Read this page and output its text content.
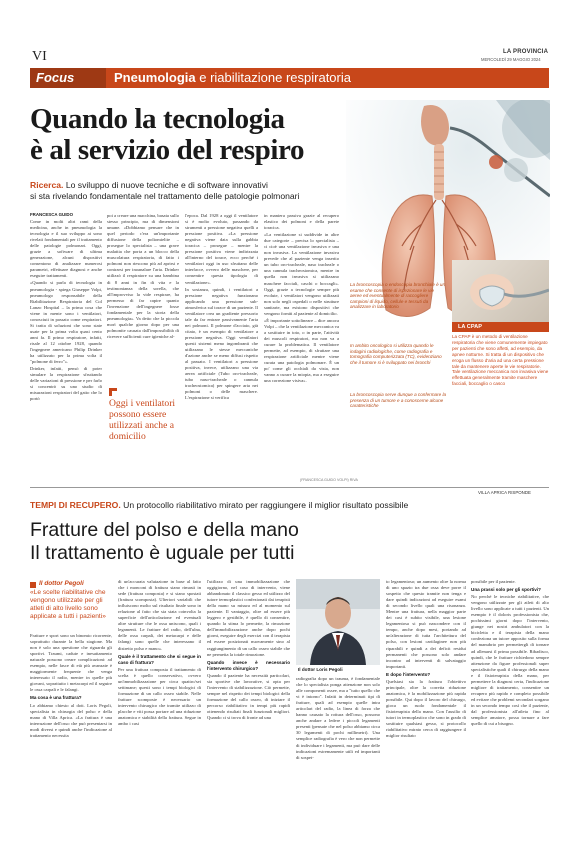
VI	LA PROVINCIA
MERCOLEDÌ 29 MAGGIO 2024
Focus	Pneumologia e riabilitazione respiratoria
Quando la tecnologia
è al servizio del respiro
Ricerca. Lo sviluppo di nuove tecniche e di software innovativi
si sta rivelando fondamentale nel trattamento delle patologie polmonari
FRANCESCA GUIDO

Come in molti altri rami della medicina, anche in pneumologia la tecnologia e il suo sviluppo ai sono rivelati fondamentali per il trattamento delle patologie polmonari. Oggi, grazie a software di ultima generazione, alcuni dispositivi consentono di analizzare numerosi parametri, effettuare diagnosi e anche eseguire trattamenti.

«Quando si parla di tecnologia in pneumologia - spiega Giuseppe Volpi, pneumologo responsabile della Riabilitazione Respiratoria del Col Lanzo Hospital – la prima cosa che viene in mente sono i ventilatori, conosciuti in passato come respiratori. Si tratta di soluzioni che sono state usate per la prima volta quasi cento anni fa. Il primo respiratore, infatti, risale al 12 ottobre 1928, quando l'ingegnere americano Philip Drinker ha utilizzato per la prima volta il "polmone di ferro"».

Drinker, infatti, pensò di poter simulare la respirazione sfruttando delle variazioni di pressione e per farlo si concentrò su uno studio di misurazioni respiratori del gatto che lo portò

poi a creare una macchina, basata sullo stesso principio, ma di dimensioni umane. «Dobbiamo pensare che in quel periodo c'era un'importante diffusione della poliomielite – prosegue lo specialista – una grave malattia che porta a un blocco della muscolatura respiratoria, di fatto i polmoni non riescono più ad aprirsi e contrarsi per inoanalare l'aria. Drinker utilizzò il respiratore su una bambina di 8 anni in fin di vita e la testimonianza della sorella, che all'improvviso la vide respirare, ha permesso di far capire quanto l'invenzione dell'ingegnere fosse fondamentale per la storia della pneumologia». Va detto che la piccola morì qualche giorno dopo per una polmonite causata dall'impossibilità di ricevere sufficienti cure igieniche al-

Oggi i ventilatori possono essere utilizzati anche a domicilio

l'epoca. Dal 1928 a oggi il ventilatore si è molto evoluto, passando da strumenti a pressione negativa quelli a pressione positiva. «La pressione negativa viene data sulla gabbia toracica – prosegue – mentre la pressione positiva viene indirizzata all'interno del torace, ecco perché i ventilatori oggi in uso sfruttano delle interfacce, ovvero delle maschere, per consentire questa tipologia di ventilazione».

In sostanza, quindi, i ventilatori a pressione negativa funzionano applicando una pressione sub-atmosferica sul torace di un paziente. Il ventilatore crea un gradiente pressorio tale da far entrare passivamente l'aria nei polmoni. Il polmone d'acciaio, già citato, è un esempio di ventilatore a pressione negativa. Oggi ventilatori questi sistemi meno ingombranti che utilizzano le stesse meccaniche d'azione anche se meno diffusi rispetto al passato. I ventilatori a pressione positiva, invece, utilizzano una via aerea artificiale (Tubo oro-tracheale, tubo naso-tracheale o cannula tracheostomica) per spingere aria nei polmoni o delle maschere. L'espirazione si verifica

in maniera passiva grazie al recupero elastico dei polmoni e della parete toracica.

«La ventilazione si suddivide in altre due categorie – precisa lo specialista – ci cioè una ventilazione invasiva e una non invasiva. La ventilazione invasiva prevede che al paziente venga inserito un tubo oro-tracheale, naso tracheale o una cannula tracheostomica, mentre in quella non invasiva si utilizzano maschere facciali, caschi o boccagli». Oggi, grazie a tecnologie sempre più evolute, i ventilatori vengono utilizzati non solo negli ospedali o nelle strutture sanitarie, ma esistono dispositivi che vengono forniti al paziente al domicilio.

«È importante sottolineare – dice ancora Volpi – che la ventilazione meccanica va a sostituire in toto, o in parte, l'attività dei muscoli respiratori, ma non va a curare la problematica. Il ventilatore permette, ad esempio, di sfruttare una respirazione artificiale mentre viene curata una patologia polmonare. È un po' come gli occhiali da vista, non vanno a curare la miopia, ma a eseguire una correzione visiva».

(FRANCESCA GUIDO VOLPI) RIVA
La broncoscopia o endoscopia bronchiale è un esame che consente di ispezionare le vie aeree ed eventualmente di raccogliere campioni di liquido, cellule e tessuti da analizzare in laboratorio
In ambito oncologico si utilizza quando le indagini radiologiche, come radiografia e tomografia computerizzata (TC), evidenziano che il tumore si è sviluppato nei bronchi
La broncoscopia serve dunque a confermare la presenza di un tumore e a conoscerne alcune caratteristiche
LA CPAP
La CPAP è un metodo di ventilazione respiratoria che viene comunemente impiegato per pazienti che sono affetti, ad esempio, da apnee notturne. Si tratta di un dispositivo che eroga un flusso d'aria ad una certa pressione tale da mantenere aperte le vie respiratorie. Tale ventilazione meccanica non invasiva viene effettuata generalmente tramite maschere facciali, boccaglio o casco
VILLA APRICA RISPONDE
TEMPI DI RECUPERO. Un protocollo riabilitativo mirato per raggiungere il miglior risultato possibile
Fratture del polso e della mano
Il trattamento è uguale per tutti
Il dottor Pegoli
«Le scelte riabilitative che vengono utilizzate per gli atleti di alto livello sono applicate a tutti i pazienti»

Fratture e sport sono un binomio ricorrente, soprattutto durante la bella stagione. Ma non è solo una questione che riguarda gli sportivi. Traumi, cadute e inesattamento naturale possono creare complicazioni: ad esempio, nelle fasce di età più avanzate è maggiormente frequente che venga interessato il radio, mentre in quelle più giovani, soprattutto i metacarpi ed il seguire le ossa carpali e le falangi.

Ma cosa è una frattura?

Lo abbiamo chiesto al dott. Loris Pegoli, specialista in chirurgia del polso e della mano di Villa Aprica. «La frattura è una interruzione dell'osso che può presentarsi in modi diversi e quindi anche l'indicazione al trattamento necessita

di un'accurata valutazione in base al fatto che i monconi di frattura siano rimasti in sede (frattura composta) e si siano spostati (frattura scomposta). Ulteriori variabili che influiscono molto sul risultato finale sono in relazione al fatto che sia stata coinvolta la superficie dell'articolazione ed eventuali altre strutture che le ossa uniscono, quali i legamenti. Le fratture del radio, dell'ulna, delle ossa carpali, dei metacarpi e delle falangi sono quelle che interessano il distretto polso e mano».

Quale è il trattamento che si segue in caso di frattura?

Per una frattura composta il trattamento di scelta è quello conservativo, ovvero un'immobilizzazione per circa quattro/sei settimane; questi sono i tempi biologici di formazione di un callo osseo stabile. Nelle fratture scomposte è necessario un intervento chirurgico che tramite utilizzo di placche e viti possa portare ad una riduzione anatomica e stabilità della frattura. Segue in ambo i casi

l'utilizzo di una immobilizzazione che oggigiorno, nel caso di intervento, viene abbandonato il classico gesso ed utilizzo del tutore termoplastici confezionati dai terapisti della mano su misura ed al momento sul paziente. Il vantaggio, oltre ad essere più leggero e gestibile, è quello di consentire, quando la stima lo permette, la rimozione dell'immobilizzazione anche dopo pochi giorni, eseguire degli esercizi con il terapista ed essere posizionati nuovamente sino al raggiungimento di un callo osseo stabile che ne permetta la totale rimozione.

Quando invece è necessario l'intervento chirurgico?

Quando il paziente ha necessità particolari, sia sportive che lavorative, si opta per l'intervento di stabilizzazione. Ciò permette, sempre nel rispetto dei tempi biologici della formazione del callo osseo, di iniziare il percorso riabilitativo in tempi più rapidi ottenendo risultati finali funzionali migliori. Quando ci si trova di fronte ad una

Il dottor Loris Pegoli

radiografia dopo un trauma, è fondamentale che lo specialista ponga attenzione non solo alle componenti ossee, ma a "tutto quello che vi è intorno". Infatti in determinati tipi di fratture, quali ad esempio quelle intra articolari del radio, la linea di forza che hanno causato la rottura dell'osso, possono anche andare a ledere i piccoli legamenti presenti (pensate che nel polso abbiamo circa 30 legamenti di pochi millimetri). Una semplice radiografia è vero che non permette di individuare i legamenti, ma può dare delle indicazioni estremamente utili ed importanti di sospet-

to legamentoso; un aumento oltre la norma di uno spazio tra due ossa deve porre il sospetto che questo tramite non tenga e dare quindi indicazioni ad eseguire esami di secondo livello quali una risonanza. Mentre una frattura, nella maggior parte dei casi è subito visibile, una lesione legamentosa si può nascondere con il tempo, anche dopo mesi, portando ad un'alterazione di tutta l'architettura del polso, con lesioni cartilaginee non più riparabili e quindi a dei deficit residui permanenti che possono solo andare incontro ad interventi di salvataggio importanti.

E dopo l'intervento?

Quelsiasi sia la frattura l'obiettivo principale, oltre la corretta riduzione anatomica, è la mobilizzazione più rapida possibile. Qui dopo il lavoro del chirurgo, gioca un ruolo fondamentale il fisioterapista della mano. Con l'ausilio di tutori in termoplastico che sono in grado di sostituire qualsiasi gesso, si protocollo riabilitativo mirato cerca di raggiungere il miglior risultato

possibile per il paziente.

Una prassi solo per gli sportivi?

No perché le tecniche riabilitative, che vengono utilizzate per gli atleti di alto livello sono applicate a tutti i pazienti. Un esempio è il doloris professionista che, pochissimi giorni dopo l'intervento, giunge nei nostri ambulatori con la bicicletta e il terapista della mano confeziona un tutore apposito sulla forma del manubrio per permettergli di tornare ad allenarsi il prima possibile. Ribadisco, quindi, che le fratture richiedono sempre attenzione da figure professionali super specialistiche quali il chirurgo della mano e il fisioterapista della mano, per permettere la diagnosi certa, l'indicazione migliore di trattamento, consentire un recupero più rapido e completo possibile ed evitare che problemi secondari sorgano in un secondo tempo così che il paziente, dal professionista all'atleta fino al semplice amatore, possa tornare a fare quello di cui a bisogno.
